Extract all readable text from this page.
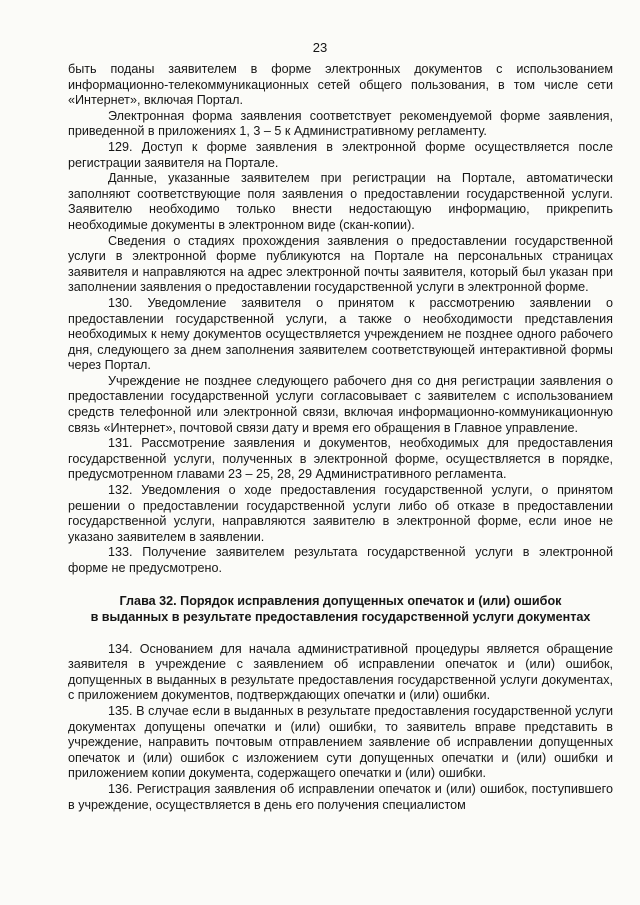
23

быть поданы заявителем в форме электронных документов с использованием информационно-телекоммуникационных сетей общего пользования, в том числе сети «Интернет», включая Портал.

Электронная форма заявления соответствует рекомендуемой форме заявления, приведенной в приложениях 1, 3 – 5 к Административному регламенту.

129. Доступ к форме заявления в электронной форме осуществляется после регистрации заявителя на Портале.

Данные, указанные заявителем при регистрации на Портале, автоматически заполняют соответствующие поля заявления о предоставлении государственной услуги. Заявителю необходимо только внести недостающую информацию, прикрепить необходимые документы в электронном виде (скан-копии).

Сведения о стадиях прохождения заявления о предоставлении государственной услуги в электронной форме публикуются на Портале на персональных страницах заявителя и направляются на адрес электронной почты заявителя, который был указан при заполнении заявления о предоставлении государственной услуги в электронной форме.

130. Уведомление заявителя о принятом к рассмотрению заявлении о предоставлении государственной услуги, а также о необходимости представления необходимых к нему документов осуществляется учреждением не позднее одного рабочего дня, следующего за днем заполнения заявителем соответствующей интерактивной формы через Портал.

Учреждение не позднее следующего рабочего дня со дня регистрации заявления о предоставлении государственной услуги согласовывает с заявителем с использованием средств телефонной или электронной связи, включая информационно-коммуникационную связь «Интернет», почтовой связи дату и время его обращения в Главное управление.

131. Рассмотрение заявления и документов, необходимых для предоставления государственной услуги, полученных в электронной форме, осуществляется в порядке, предусмотренном главами 23 – 25, 28, 29 Административного регламента.

132. Уведомления о ходе предоставления государственной услуги, о принятом решении о предоставлении государственной услуги либо об отказе в предоставлении государственной услуги, направляются заявителю в электронной форме, если иное не указано заявителем в заявлении.

133. Получение заявителем результата государственной услуги в электронной форме не предусмотрено.

Глава 32. Порядок исправления допущенных опечаток и (или) ошибок
в выданных в результате предоставления государственной услуги документах

134. Основанием для начала административной процедуры является обращение заявителя в учреждение с заявлением об исправлении опечаток и (или) ошибок, допущенных в выданных в результате предоставления государственной услуги документах, с приложением документов, подтверждающих опечатки и (или) ошибки.

135. В случае если в выданных в результате предоставления государственной услуги документах допущены опечатки и (или) ошибки, то заявитель вправе представить в учреждение, направить почтовым отправлением заявление об исправлении допущенных опечаток и (или) ошибок с изложением сути допущенных опечатки и (или) ошибки и приложением копии документа, содержащего опечатки и (или) ошибки.

136. Регистрация заявления об исправлении опечаток и (или) ошибок, поступившего в учреждение, осуществляется в день его получения специалистом
